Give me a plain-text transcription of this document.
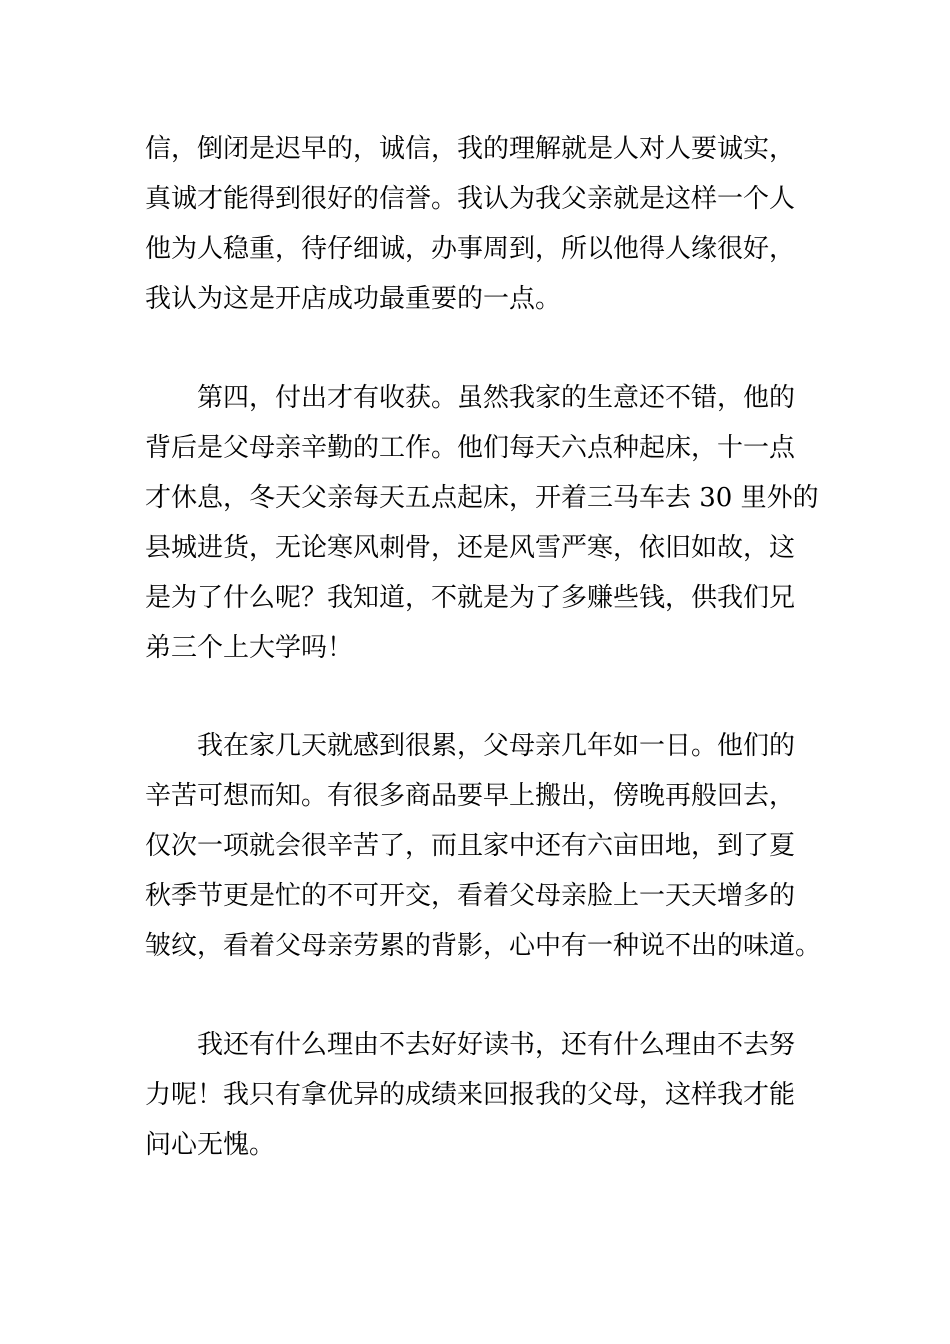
信，倒闭是迟早的，诚信，我的理解就是人对人要诚实，
真诚才能得到很好的信誉。我认为我父亲就是这样一个人
他为人稳重，待仔细诚，办事周到，所以他得人缘很好，
我认为这是开店成功最重要的一点。
第四，付出才有收获。虽然我家的生意还不错，他的
背后是父母亲辛勤的工作。他们每天六点种起床，十一点
才休息，冬天父亲每天五点起床，开着三马车去 30 里外的
县城进货，无论寒风刺骨，还是风雪严寒，依旧如故，这
是为了什么呢？我知道，不就是为了多赚些钱，供我们兄
弟三个上大学吗！
我在家几天就感到很累，父母亲几年如一日。他们的
辛苦可想而知。有很多商品要早上搬出，傍晚再般回去，
仅次一项就会很辛苦了，而且家中还有六亩田地，到了夏
秋季节更是忙的不可开交，看着父母亲脸上一天天增多的
皱纹，看着父母亲劳累的背影，心中有一种说不出的味道。
我还有什么理由不去好好读书，还有什么理由不去努
力呢！我只有拿优异的成绩来回报我的父母，这样我才能
问心无愧。
